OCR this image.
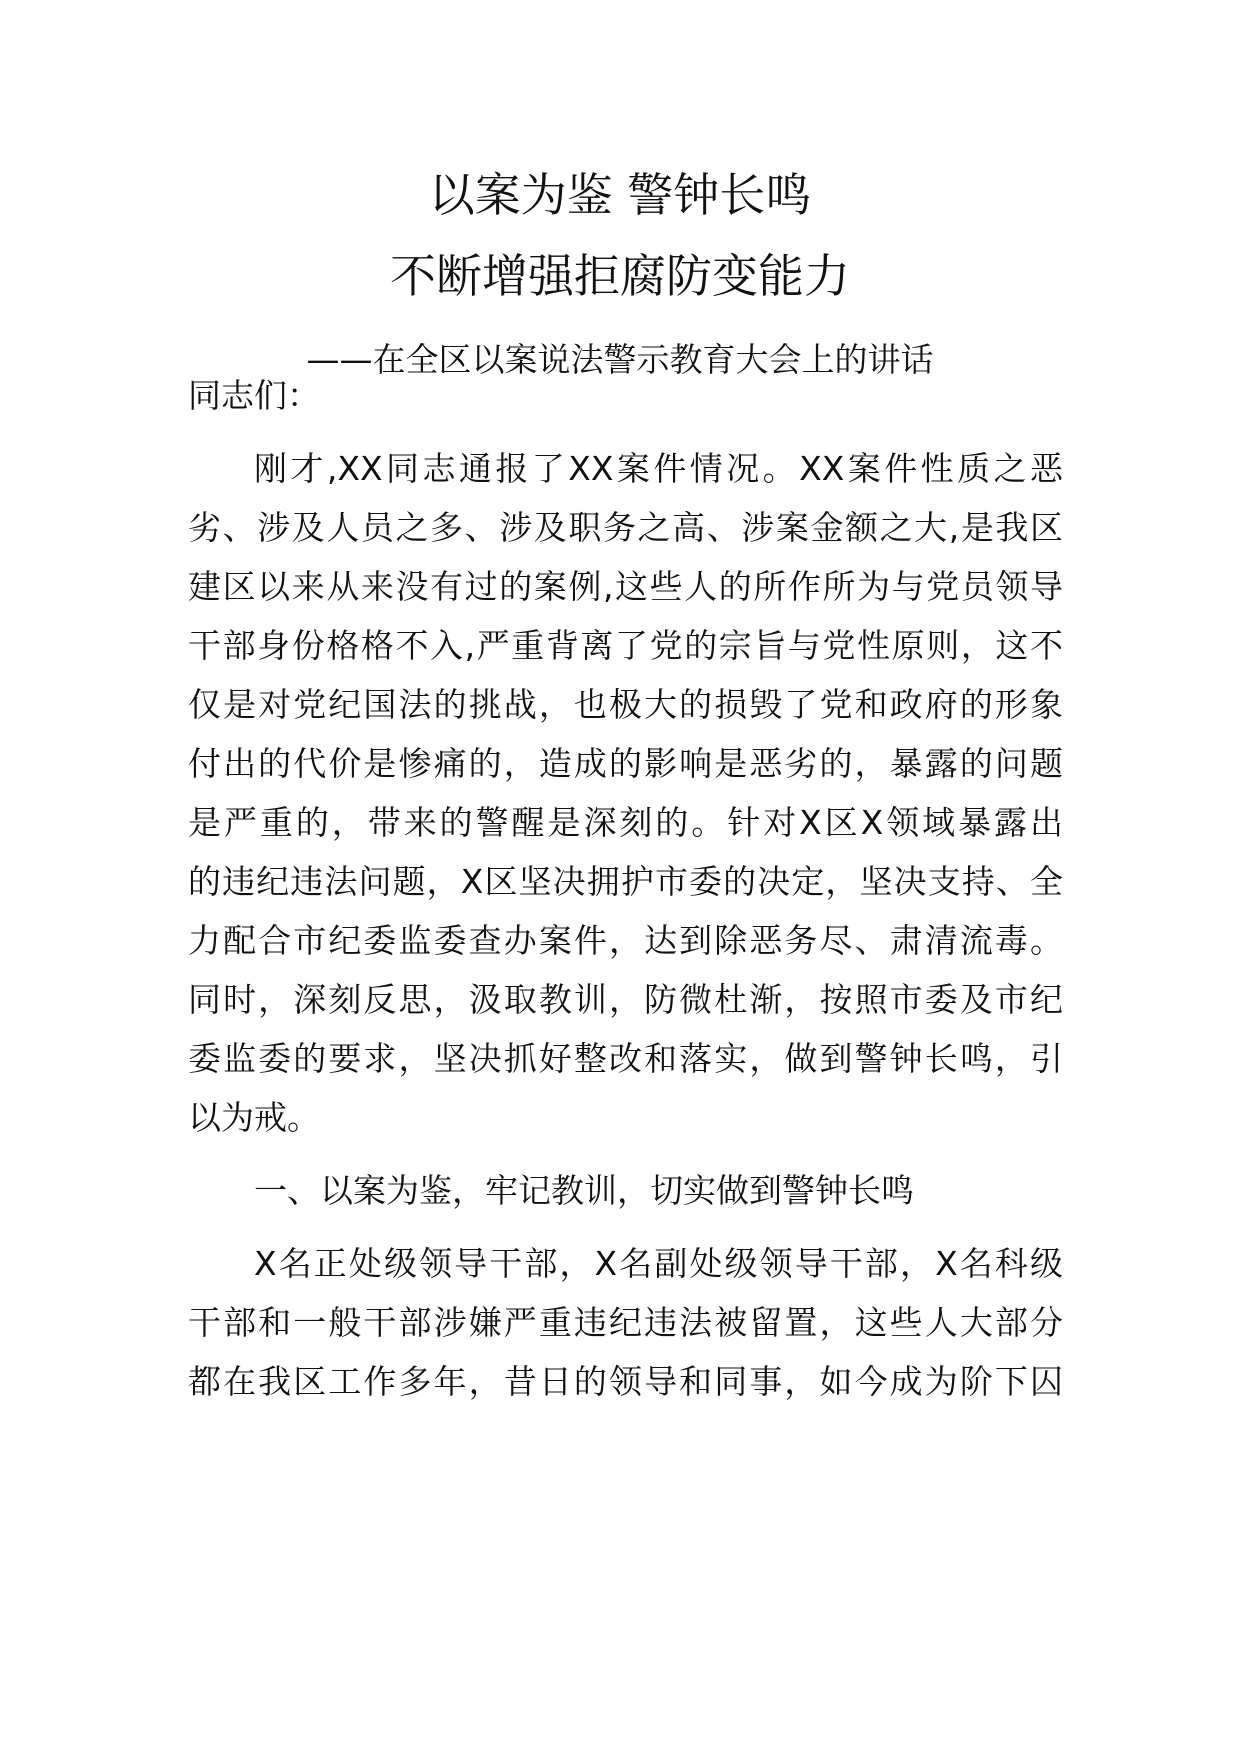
以案为鉴 警钟长鸣
不断增强拒腐防变能力
——在全区以案说法警示教育大会上的讲话
同志们：
刚才,XX同志通报了XX案件情况。XX案件性质之恶
劣、涉及人员之多、涉及职务之高、涉案金额之大,是我区
建区以来从来没有过的案例,这些人的所作所为与党员领导
干部身份格格不入,严重背离了党的宗旨与党性原则，这不
仅是对党纪国法的挑战，也极大的损毁了党和政府的形象
付出的代价是惨痛的，造成的影响是恶劣的，暴露的问题
是严重的，带来的警醒是深刻的。针对X区X领域暴露出
的违纪违法问题，X区坚决拥护市委的决定，坚决支持、全
力配合市纪委监委查办案件，达到除恶务尽、肃清流毒。
同时，深刻反思，汲取教训，防微杜渐，按照市委及市纪
委监委的要求，坚决抓好整改和落实，做到警钟长鸣，引
以为戒。
一、以案为鉴，牢记教训，切实做到警钟长鸣
X名正处级领导干部，X名副处级领导干部，X名科级
干部和一般干部涉嫌严重违纪违法被留置，这些人大部分
都在我区工作多年，昔日的领导和同事，如今成为阶下囚
